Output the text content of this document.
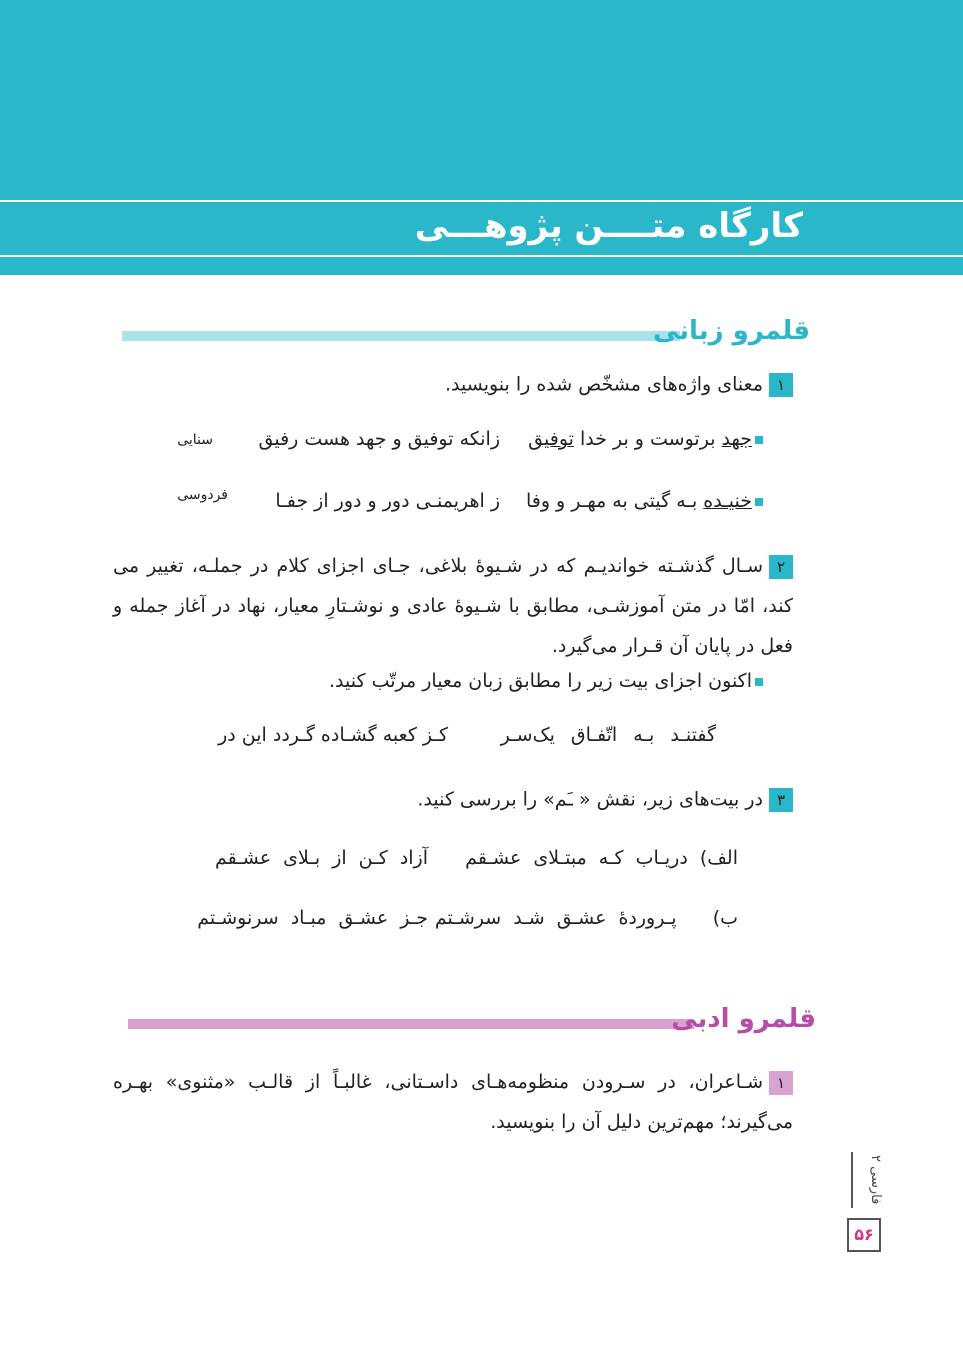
کارگاه متــــن پژوهـــی
قلمرو زبانی
۱معنای واژه‌های مشخّص شده را بنویسید.
جهد برتوست و بر خدا توفیق
زانکه توفیق و جهد هست رفیق
سنایی
خنیـده بـه گیتی به مهـر و وفا
ز اهریمنـی دور و دور از جفـا
فردوسی
۲سـال گذشـته خواندیـم که در شـیوهٔ بلاغی، جـای اجزای کلام در جملـه، تغییر می کند، امّا در متن آموزشـی، مطابق با شـیوهٔ عادی و نوشـتارِ معیار، نهاد در آغاز جمله و فعل در پایان آن قـرار می‌گیرد.
اکنون اجزای بیت زیر را مطابق زبان معیار مرتّب کنید.
گفتنـد بـه اتّفـاق یک‌سـر
کـز کعبه گشـاده گـردد این در
۳در بیت‌های زیر، نقش « ـَم» را بررسی کنید.
الف) دریـاب کـه مبتـلای عشـقم
آزاد کـن از بـلای عشـقم
ب)   پـروردهٔ عشـق شـد سرشـتم
جـز عشـق مبـاد سرنوشـتم
قلمرو ادبی
۱شـاعران، در سـرودن منظومه‌هـای داسـتانی، غالبـاً از قالـب «مثنوی» بهـره می‌گیرند؛ مهم‌ترین دلیل آن را بنویسید.
فارسی ۲
۵۶
